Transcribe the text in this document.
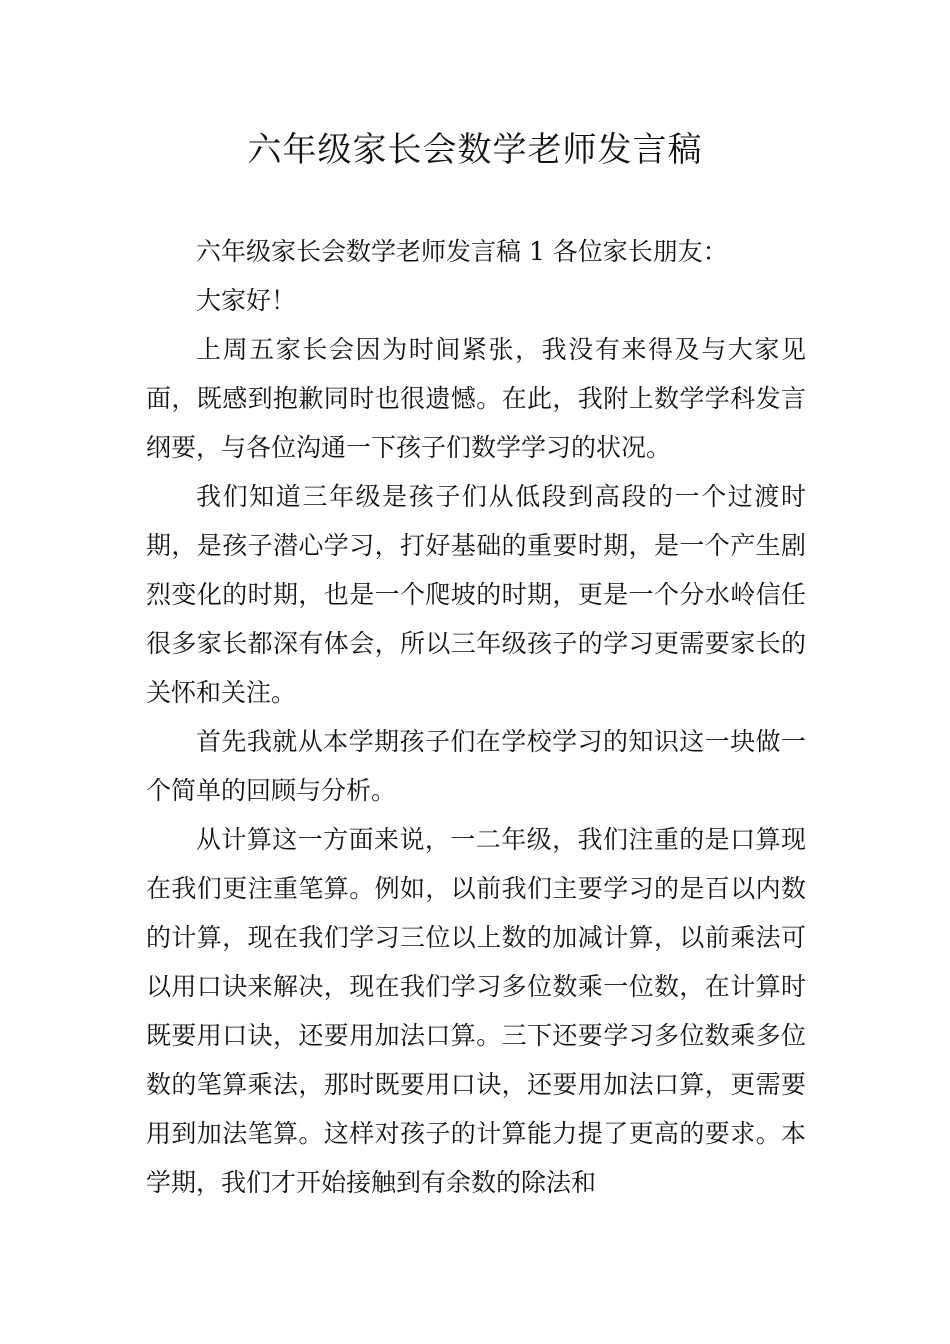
六年级家长会数学老师发言稿

六年级家长会数学老师发言稿 1 各位家长朋友：

大家好！

上周五家长会因为时间紧张，我没有来得及与大家见面，既感到抱歉同时也很遗憾。在此，我附上数学学科发言纲要，与各位沟通一下孩子们数学学习的状况。

我们知道三年级是孩子们从低段到高段的一个过渡时期，是孩子潜心学习，打好基础的重要时期，是一个产生剧烈变化的时期，也是一个爬坡的时期，更是一个分水岭信任很多家长都深有体会，所以三年级孩子的学习更需要家长的关怀和关注。

首先我就从本学期孩子们在学校学习的知识这一块做一个简单的回顾与分析。

从计算这一方面来说，一二年级，我们注重的是口算现在我们更注重笔算。例如，以前我们主要学习的是百以内数的计算，现在我们学习三位以上数的加减计算，以前乘法可以用口诀来解决，现在我们学习多位数乘一位数，在计算时既要用口诀，还要用加法口算。三下还要学习多位数乘多位数的笔算乘法，那时既要用口诀，还要用加法口算，更需要用到加法笔算。这样对孩子的计算能力提了更高的要求。本学期，我们才开始接触到有余数的除法和
